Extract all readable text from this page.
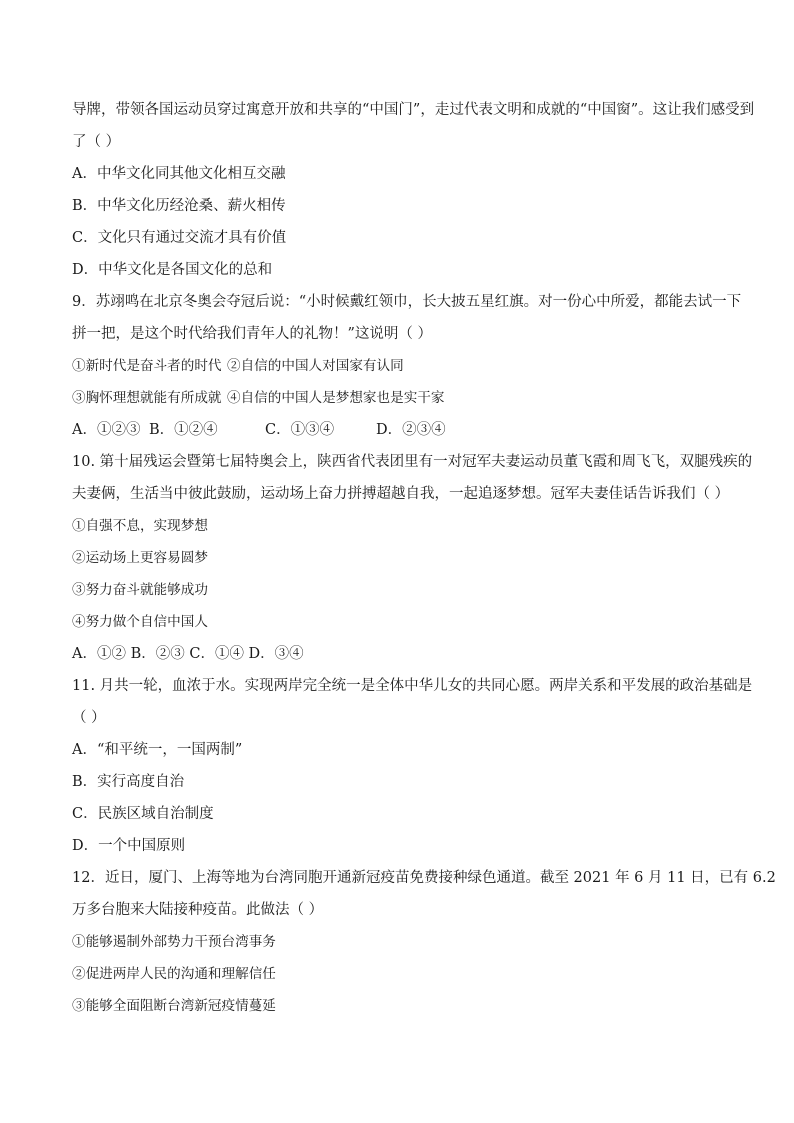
导牌，带领各国运动员穿过寓意开放和共享的“中国门”，走过代表文明和成就的“中国窗”。这让我们感受到
了（ ）
A．中华文化同其他文化相互交融
B．中华文化历经沧桑、薪火相传
C．文化只有通过交流才具有价值
D．中华文化是各国文化的总和
9．苏翊鸣在北京冬奥会夺冠后说：“小时候戴红领巾，长大披五星红旗。对一份心中所爱，都能去试一下
拼一把，是这个时代给我们青年人的礼物！”这说明（ ）
①新时代是奋斗者的时代 ②自信的中国人对国家有认同
③胸怀理想就能有所成就 ④自信的中国人是梦想家也是实干家
A．①②③ B．①②④	C．①③④	D．②③④
10. 第十届残运会暨第七届特奥会上，陕西省代表团里有一对冠军夫妻运动员董飞霞和周飞飞，双腿残疾的
夫妻俩，生活当中彼此鼓励，运动场上奋力拼搏超越自我，一起追逐梦想。冠军夫妻佳话告诉我们（ ）
①自强不息，实现梦想
②运动场上更容易圆梦
③努力奋斗就能够成功
④努力做个自信中国人
A．①② B．②③ C．①④ D．③④
11. 月共一轮，血浓于水。实现两岸完全统一是全体中华儿女的共同心愿。两岸关系和平发展的政治基础是
（ ）
A．“和平统一，一国两制”
B．实行高度自治
C．民族区域自治制度
D．一个中国原则
12．近日，厦门、上海等地为台湾同胞开通新冠疫苗免费接种绿色通道。截至 2021 年 6 月 11 日，已有 6.2
万多台胞来大陆接种疫苗。此做法（ ）
①能够遏制外部势力干预台湾事务
②促进两岸人民的沟通和理解信任
③能够全面阻断台湾新冠疫情蔓延
